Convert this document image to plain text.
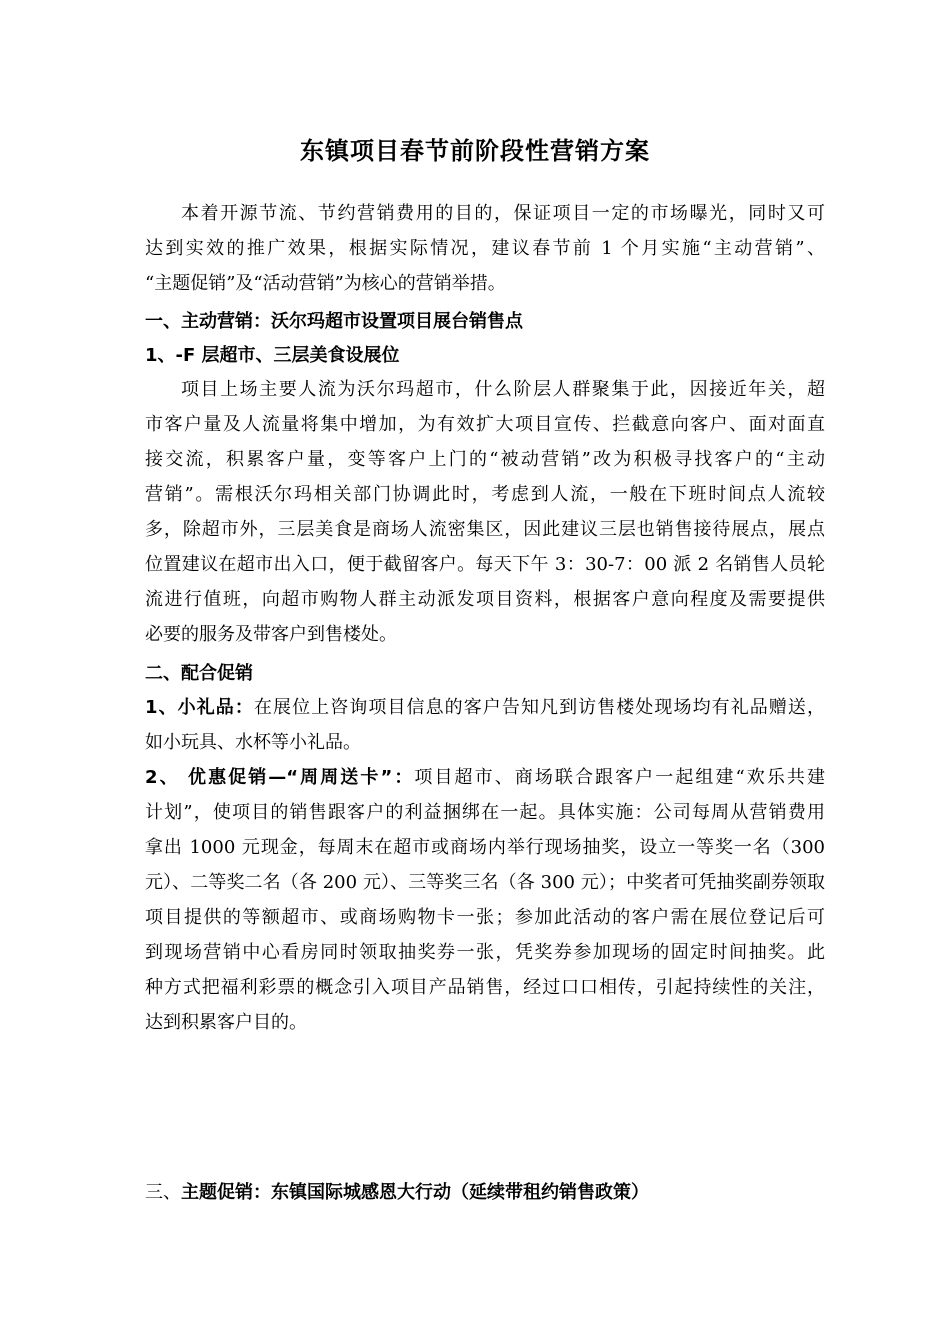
东镇项目春节前阶段性营销方案
本着开源节流、节约营销费用的目的，保证项目一定的市场曝光，同时又可
达到实效的推广效果，根据实际情况，建议春节前 1 个月实施“主动营销”、
“主题促销”及“活动营销”为核心的营销举措。
一、主动营销：沃尔玛超市设置项目展台销售点
1、-F 层超市、三层美食设展位
项目上场主要人流为沃尔玛超市，什么阶层人群聚集于此，因接近年关，超
市客户量及人流量将集中增加，为有效扩大项目宣传、拦截意向客户、面对面直
接交流，积累客户量，变等客户上门的“被动营销”改为积极寻找客户的“主动
营销”。需根沃尔玛相关部门协调此时，考虑到人流，一般在下班时间点人流较
多，除超市外，三层美食是商场人流密集区，因此建议三层也销售接待展点，展点
位置建议在超市出入口，便于截留客户。每天下午 3：30-7：00 派 2 名销售人员轮
流进行值班，向超市购物人群主动派发项目资料，根据客户意向程度及需要提供
必要的服务及带客户到售楼处。
二、配合促销
1、小礼品：在展位上咨询项目信息的客户告知凡到访售楼处现场均有礼品赠送，
如小玩具、水杯等小礼品。
2、 优惠促销—“周周送卡”：项目超市、商场联合跟客户一起组建“欢乐共建
计划”，使项目的销售跟客户的利益捆绑在一起。具体实施：公司每周从营销费用
拿出 1000 元现金，每周末在超市或商场内举行现场抽奖，设立一等奖一名（300
元）、二等奖二名（各 200 元）、三等奖三名（各 300 元）；中奖者可凭抽奖副券领取
项目提供的等额超市、或商场购物卡一张；参加此活动的客户需在展位登记后可
到现场营销中心看房同时领取抽奖券一张，凭奖券参加现场的固定时间抽奖。此
种方式把福利彩票的概念引入项目产品销售，经过口口相传，引起持续性的关注，
达到积累客户目的。
三、主题促销：东镇国际城感恩大行动（延续带租约销售政策）
